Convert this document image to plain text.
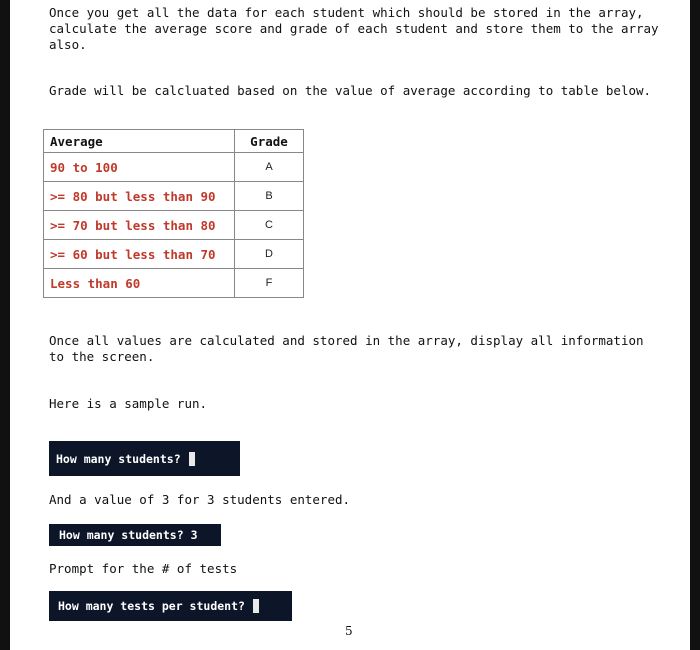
Once you get all the data for each student which should be stored in the array,
calculate the average score and grade of each student and store them to the array
also.
Grade will be calcluated based on the value of average according to table below.
Average	Grade
90 to 100	A
>= 80 but less than 90	B
>= 70 but less than 80	C
>= 60 but less than 70	D
Less than 60	F
Once all values are calculated and stored in the array, display all information
to the screen.
Here is a sample run.
How many students?
And a value of 3 for 3 students entered.
How many students? 3
Prompt for the # of tests
How many tests per student?
5
